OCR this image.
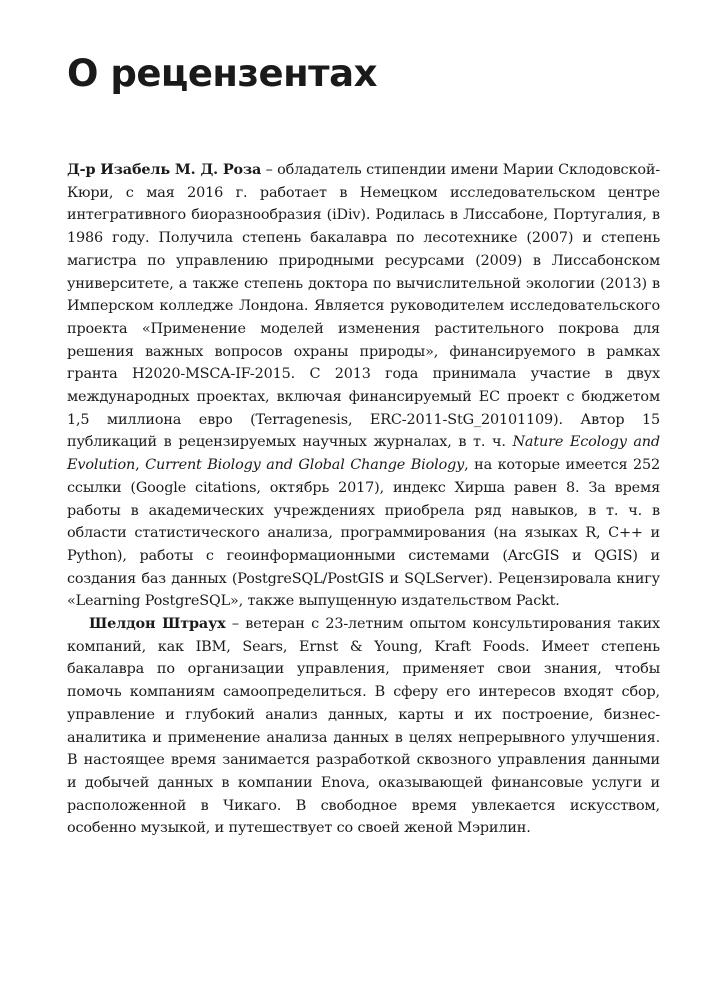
О рецензентах

Д-р Изабель М. Д. Роза – обладатель стипендии имени Марии Склодовской-Кюри, с мая 2016 г. работает в Немецком исследовательском центре интегративного биоразнообразия (iDiv). Родилась в Лиссабоне, Португалия, в 1986 году. Получила степень бакалавра по лесотехнике (2007) и степень магистра по управлению природными ресурсами (2009) в Лиссабонском университете, а также степень доктора по вычислительной экологии (2013) в Имперском колледже Лондона. Является руководителем исследовательского проекта «Применение моделей изменения растительного покрова для решения важных вопросов охраны природы», финансируемого в рамках гранта H2020-MSCA-IF-2015. С 2013 года принимала участие в двух международных проектах, включая финансируемый ЕС проект с бюджетом 1,5 миллиона евро (Terragenesis, ERC-2011-StG_20101109). Автор 15 публикаций в рецензируемых научных журналах, в т. ч. Nature Ecology and Evolution, Current Biology and Global Change Biology, на которые имеется 252 ссылки (Google citations, октябрь 2017), индекс Хирша равен 8. За время работы в академических учреждениях приобрела ряд навыков, в т. ч. в области статистического анализа, программирования (на языках R, C++ и Python), работы с геоинформационными системами (ArcGIS и QGIS) и создания баз данных (PostgreSQL/PostGIS и SQLServer). Рецензировала книгу «Learning PostgreSQL», также выпущенную издательством Packt.

Шелдон Штраух – ветеран с 23-летним опытом консультирования таких компаний, как IBM, Sears, Ernst & Young, Kraft Foods. Имеет степень бакалавра по организации управления, применяет свои знания, чтобы помочь компаниям самоопределиться. В сферу его интересов входят сбор, управление и глубокий анализ данных, карты и их построение, бизнес-аналитика и применение анализа данных в целях непрерывного улучшения. В настоящее время занимается разработкой сквозного управления данными и добычей данных в компании Enova, оказывающей финансовые услуги и расположенной в Чикаго. В свободное время увлекается искусством, особенно музыкой, и путешествует со своей женой Мэрилин.
